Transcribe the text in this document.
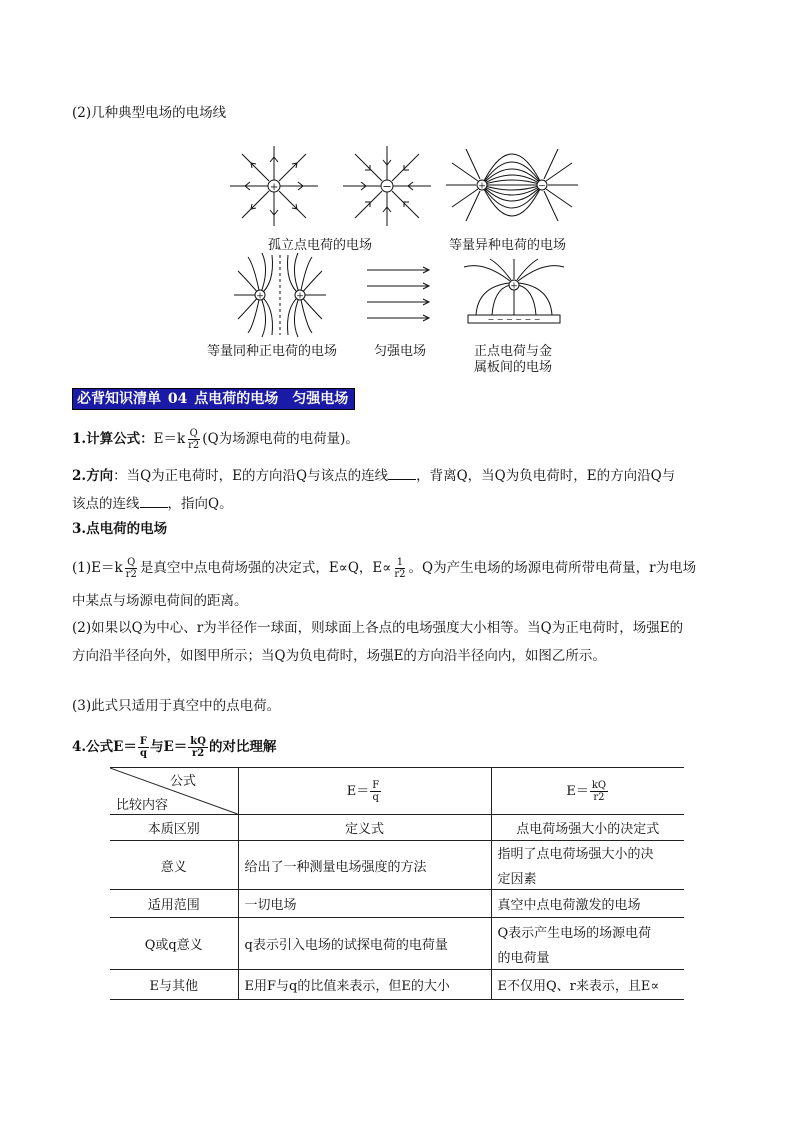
(2)几种典型电场的电场线
+	−	+	−
+	+
− − − − − −
+
孤立点电荷的电场	等量异种电荷的电场
等量同种正电荷的电场	匀强电场	正点电荷与金
属板间的电场
必背知识清单 04 点电荷的电场　匀强电场
1.计算公式：$E=k \frac{Q}{r2} (Q$为场源电荷的电荷量)。
2.方向：当Q为正电荷时，E的方向沿Q与该点的连线 ，背离Q，当Q为负电荷时，E的方向沿Q与
该点的连线 ，指向Q。
3.点电荷的电场
$(1)E=k \frac{Q}{r2}$ 是真空中点电荷场强的决定式，E∝Q，$E\propto \frac{1}{r2}$ 。Q为产生电场的场源电荷所带电荷量，r为电场
中某点与场源电荷间的距离。
(2)如果以Q为中心、r为半径作一球面，则球面上各点的电场强度大小相等。当Q为正电荷时，场强E的
方向沿半径向外，如图甲所示；当Q为负电荷时，场强E的方向沿半径向内，如图乙所示。
(3)此式只适用于真空中的点电荷。
4.公式$E= \frac{F}{q}$ 与$E= \frac{kQ}{r2}$ 的对比理解
公式
比较内容	$E= \frac{F}{q}$	$E= \frac{kQ}{r2}$

本质区别	定义式	点电荷场强大小的决定式
意义	给出了一种测量电场强度的方法	指明了点电荷场强大小的决
定因素

适用范围	一切电场	真空中点电荷激发的电场
Q或q意义	q表示引入电场的试探电荷的电荷量	Q表示产生电场的场源电荷
的电荷量

E与其他	E用F与q的比值来表示，但E的大小	E不仅用Q、r来表示，且E∝
